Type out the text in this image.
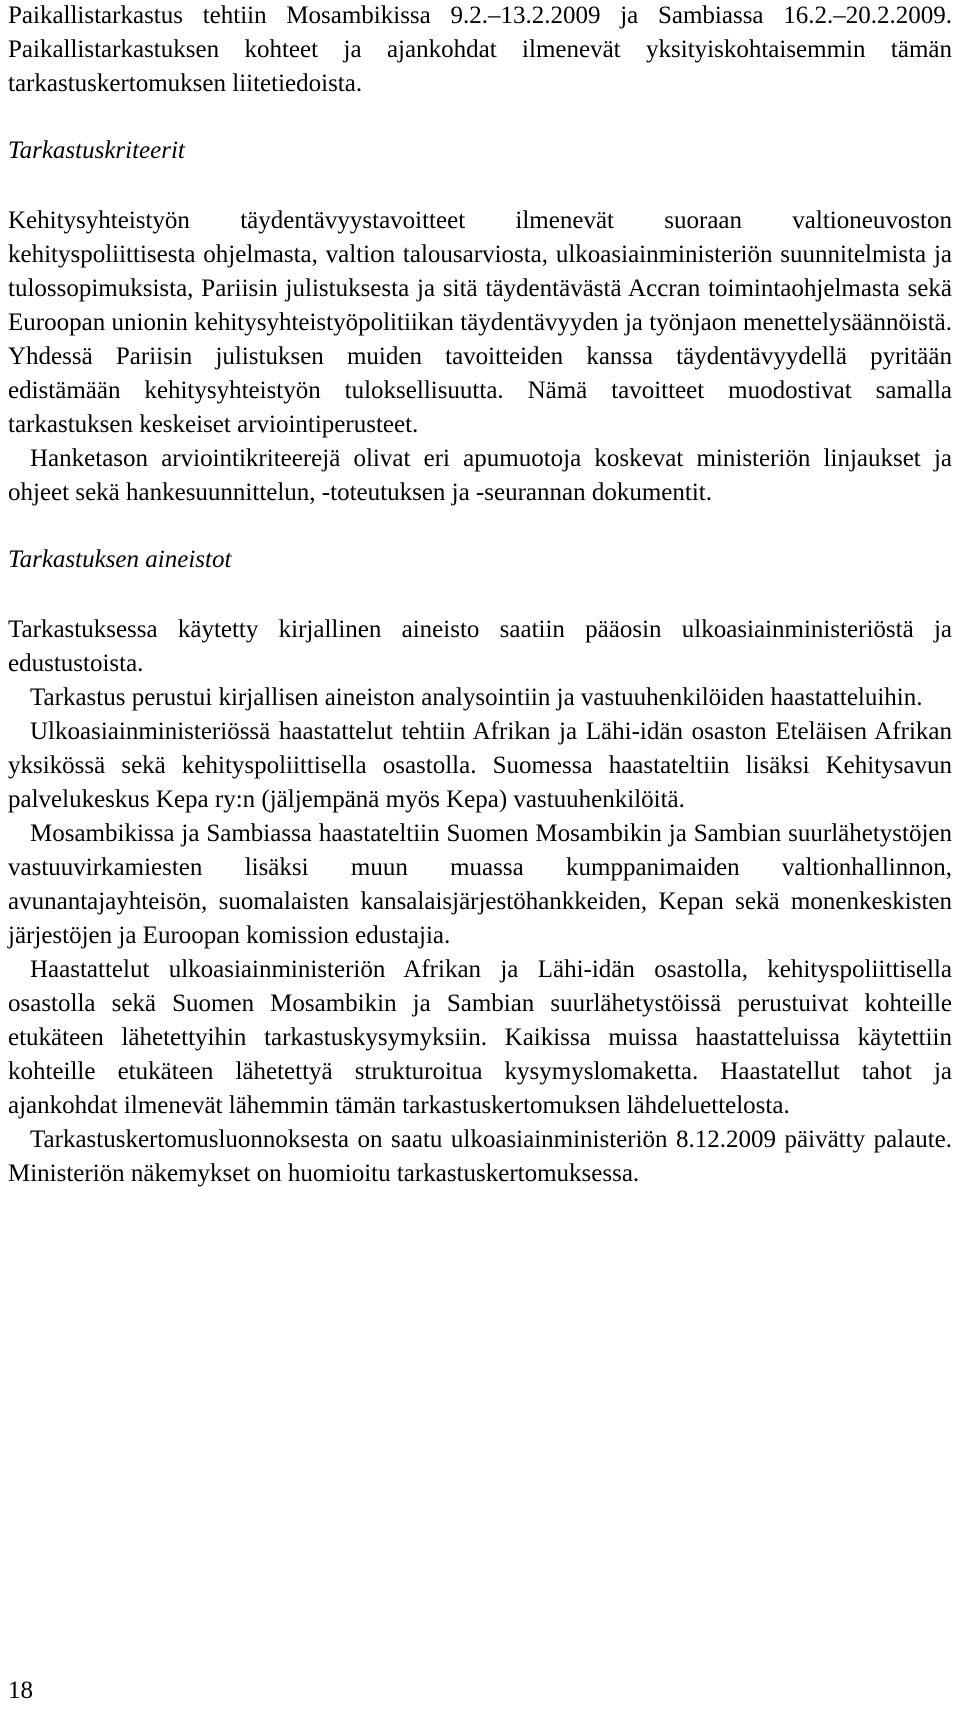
Paikallistarkastus tehtiin Mosambikissa 9.2.–13.2.2009 ja Sambiassa 16.2.–20.2.2009. Paikallistarkastuksen kohteet ja ajankohdat ilmenevät yksityiskohtaisemmin tämän tarkastuskertomuksen liitetiedoista.

Tarkastuskriteerit

Kehitysyhteistyön täydentävyystavoitteet ilmenevät suoraan valtioneuvoston kehityspoliittisesta ohjelmasta, valtion talousarviosta, ulkoasiainministeriön suunnitelmista ja tulossopimuksista, Pariisin julistuksesta ja sitä täydentävästä Accran toimintaohjelmasta sekä Euroopan unionin kehitysyhteistyöpolitiikan täydentävyyden ja työnjaon menettelysäännöistä. Yhdessä Pariisin julistuksen muiden tavoitteiden kanssa täydentävyydellä pyritään edistämään kehitysyhteistyön tuloksellisuutta. Nämä tavoitteet muodostivat samalla tarkastuksen keskeiset arviointiperusteet.

Hanketason arviointikriteerejä olivat eri apumuotoja koskevat ministeriön linjaukset ja ohjeet sekä hankesuunnittelun, -toteutuksen ja -seurannan dokumentit.

Tarkastuksen aineistot

Tarkastuksessa käytetty kirjallinen aineisto saatiin pääosin ulkoasiainministeriöstä ja edustustoista.

Tarkastus perustui kirjallisen aineiston analysointiin ja vastuuhenkilöiden haastatteluihin.

Ulkoasiainministeriössä haastattelut tehtiin Afrikan ja Lähi-idän osaston Eteläisen Afrikan yksikössä sekä kehityspoliittisella osastolla. Suomessa haastateltiin lisäksi Kehitysavun palvelukeskus Kepa ry:n (jäljempänä myös Kepa) vastuuhenkilöitä.

Mosambikissa ja Sambiassa haastateltiin Suomen Mosambikin ja Sambian suurlähetystöjen vastuuvirkamiesten lisäksi muun muassa kumppanimaiden valtionhallinnon, avunantajayhteisön, suomalaisten kansalaisjärjestöhankkeiden, Kepan sekä monenkeskisten järjestöjen ja Euroopan komission edustajia.

Haastattelut ulkoasiainministeriön Afrikan ja Lähi-idän osastolla, kehityspoliittisella osastolla sekä Suomen Mosambikin ja Sambian suurlähetystöissä perustuivat kohteille etukäteen lähetettyihin tarkastuskysymyksiin. Kaikissa muissa haastatteluissa käytettiin kohteille etukäteen lähetettyä strukturoitua kysymyslomaketta. Haastatellut tahot ja ajankohdat ilmenevät lähemmin tämän tarkastuskertomuksen lähdeluettelosta.

Tarkastuskertomusluonnoksesta on saatu ulkoasiainministeriön 8.12.2009 päivätty palaute. Ministeriön näkemykset on huomioitu tarkastuskertomuksessa.

18
